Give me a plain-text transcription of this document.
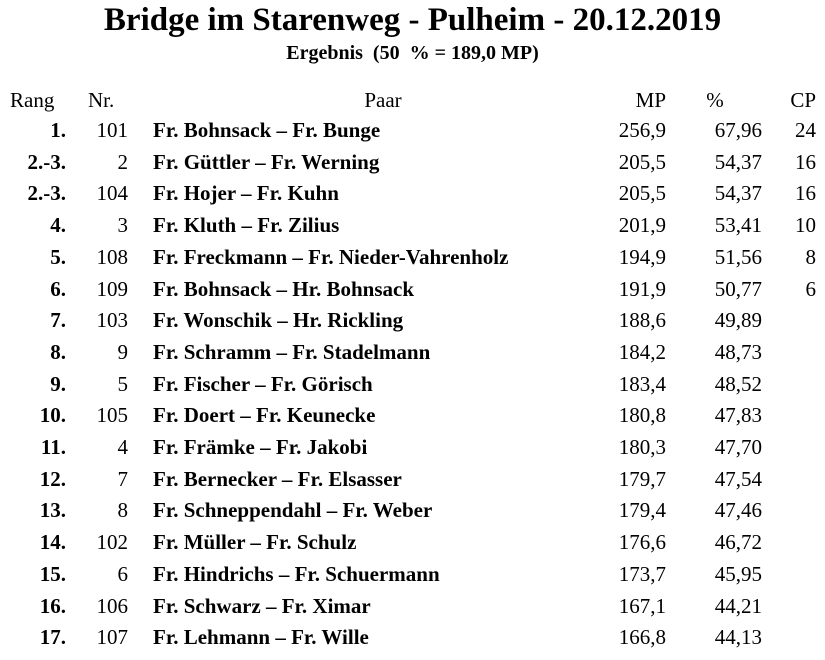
Bridge im Starenweg - Pulheim - 20.12.2019
Ergebnis  (50  % = 189,0 MP)
Rang Nr.	Paar	MP	%	CP
1.	101 Fr. Bohnsack – Fr. Bunge	256,9	67,96	24
2.-3.	2 Fr. Güttler – Fr. Werning	205,5	54,37	16
2.-3.	104 Fr. Hojer – Fr. Kuhn	205,5	54,37	16
4.	3 Fr. Kluth – Fr. Zilius	201,9	53,41	10
5.	108 Fr. Freckmann – Fr. Nieder-Vahrenholz	194,9	51,56	8
6.	109 Fr. Bohnsack – Hr. Bohnsack	191,9	50,77	6
7.	103 Fr. Wonschik – Hr. Rickling	188,6	49,89
8.	9 Fr. Schramm – Fr. Stadelmann	184,2	48,73
9.	5 Fr. Fischer – Fr. Görisch	183,4	48,52
10.	105 Fr. Doert – Fr. Keunecke	180,8	47,83
11.	4 Fr. Främke – Fr. Jakobi	180,3	47,70
12.	7 Fr. Bernecker – Fr. Elsasser	179,7	47,54
13.	8 Fr. Schneppendahl – Fr. Weber	179,4	47,46
14.	102 Fr. Müller – Fr. Schulz	176,6	46,72
15.	6 Fr. Hindrichs – Fr. Schuermann	173,7	45,95
16.	106 Fr. Schwarz – Fr. Ximar	167,1	44,21
17.	107 Fr. Lehmann – Fr. Wille	166,8	44,13
